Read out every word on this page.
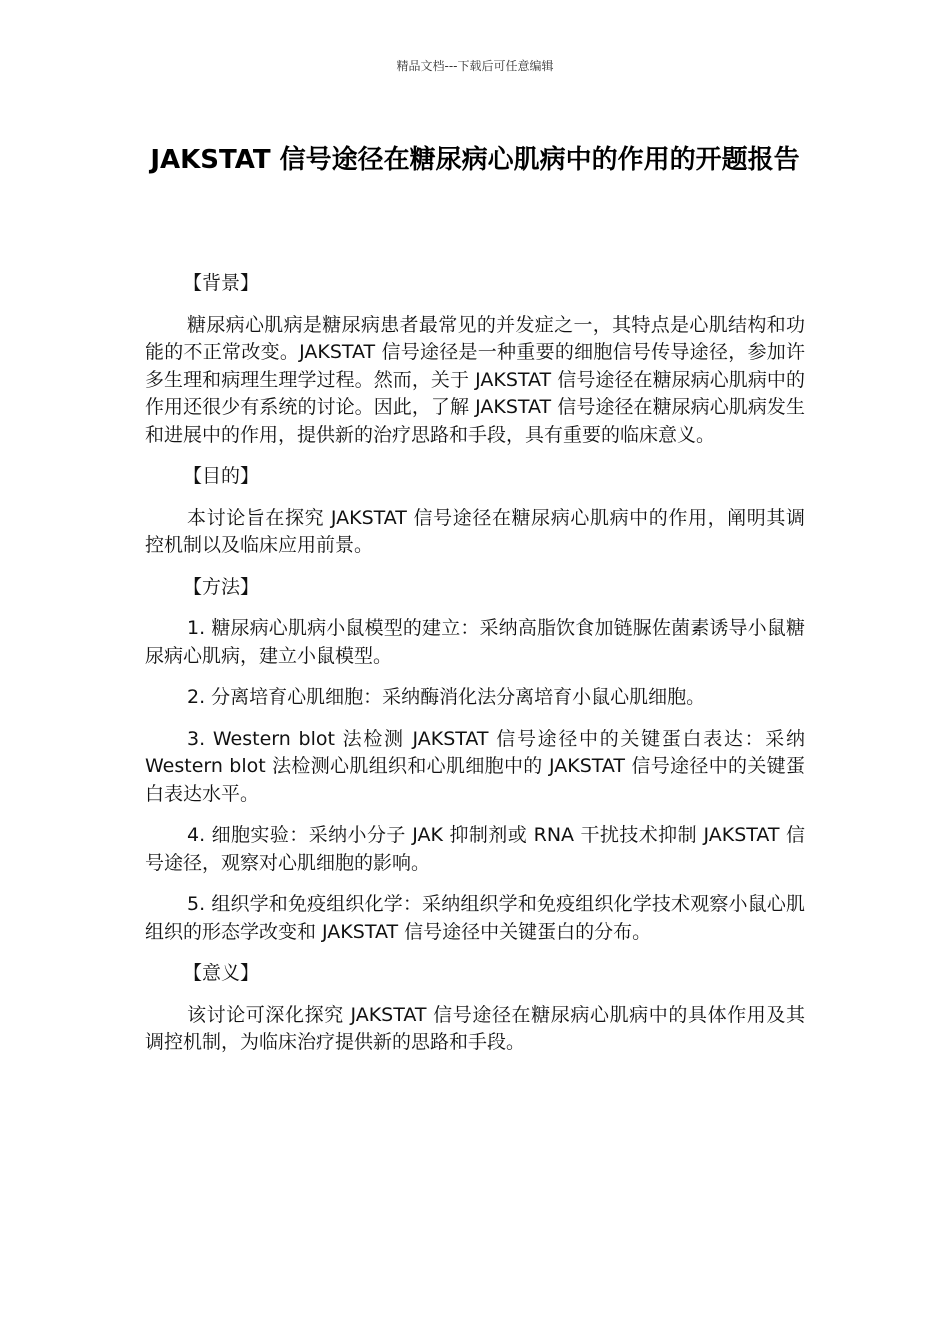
精品文档---下载后可任意编辑
JAKSTAT 信号途径在糖尿病心肌病中的作用的开题报告
【背景】

糖尿病心肌病是糖尿病患者最常见的并发症之一，其特点是心肌结构和功能的不正常改变。JAKSTAT 信号途径是一种重要的细胞信号传导途径，参加许多生理和病理生理学过程。然而，关于 JAKSTAT 信号途径在糖尿病心肌病中的作用还很少有系统的讨论。因此，了解 JAKSTAT 信号途径在糖尿病心肌病发生和进展中的作用，提供新的治疗思路和手段，具有重要的临床意义。

【目的】

本讨论旨在探究 JAKSTAT 信号途径在糖尿病心肌病中的作用，阐明其调控机制以及临床应用前景。

【方法】

1. 糖尿病心肌病小鼠模型的建立：采纳高脂饮食加链脲佐菌素诱导小鼠糖尿病心肌病，建立小鼠模型。

2. 分离培育心肌细胞：采纳酶消化法分离培育小鼠心肌细胞。

3. Western blot 法检测 JAKSTAT 信号途径中的关键蛋白表达：采纳 Western blot 法检测心肌组织和心肌细胞中的 JAKSTAT 信号途径中的关键蛋白表达水平。

4. 细胞实验：采纳小分子 JAK 抑制剂或 RNA 干扰技术抑制 JAKSTAT 信号途径，观察对心肌细胞的影响。

5. 组织学和免疫组织化学：采纳组织学和免疫组织化学技术观察小鼠心肌组织的形态学改变和 JAKSTAT 信号途径中关键蛋白的分布。

【意义】

该讨论可深化探究 JAKSTAT 信号途径在糖尿病心肌病中的具体作用及其调控机制，为临床治疗提供新的思路和手段。
